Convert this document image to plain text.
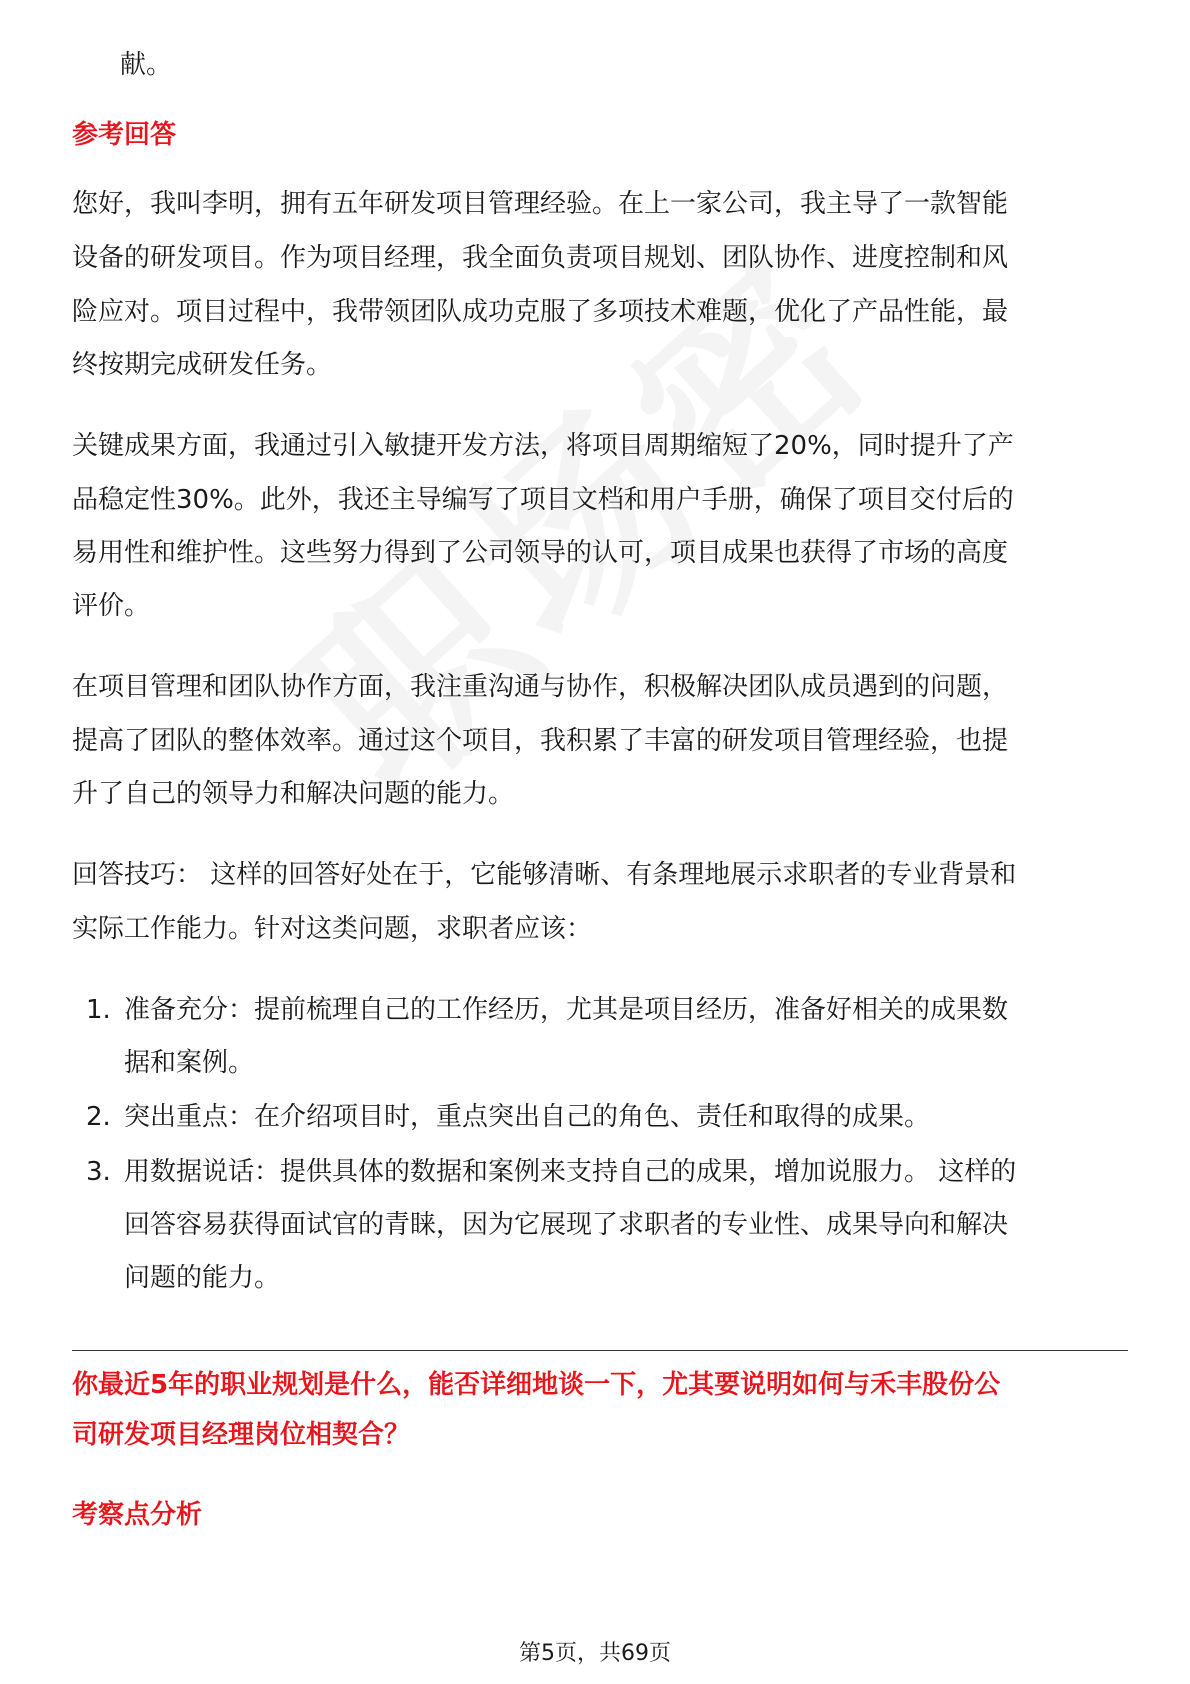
献。
参考回答
您好，我叫李明，拥有五年研发项目管理经验。在上一家公司，我主导了一款智能
设备的研发项目。作为项目经理，我全面负责项目规划、团队协作、进度控制和风
险应对。项目过程中，我带领团队成功克服了多项技术难题，优化了产品性能，最
终按期完成研发任务。
关键成果方面，我通过引入敏捷开发方法，将项目周期缩短了20%，同时提升了产
品稳定性30%。此外，我还主导编写了项目文档和用户手册，确保了项目交付后的
易用性和维护性。这些努力得到了公司领导的认可，项目成果也获得了市场的高度
评价。
在项目管理和团队协作方面，我注重沟通与协作，积极解决团队成员遇到的问题，
提高了团队的整体效率。通过这个项目，我积累了丰富的研发项目管理经验，也提
升了自己的领导力和解决问题的能力。
回答技巧： 这样的回答好处在于，它能够清晰、有条理地展示求职者的专业背景和
实际工作能力。针对这类问题，求职者应该：
1. 准备充分：提前梳理自己的工作经历，尤其是项目经历，准备好相关的成果数
据和案例。
2. 突出重点：在介绍项目时，重点突出自己的角色、责任和取得的成果。
3. 用数据说话：提供具体的数据和案例来支持自己的成果，增加说服力。 这样的
回答容易获得面试官的青睐，因为它展现了求职者的专业性、成果导向和解决
问题的能力。
你最近5年的职业规划是什么，能否详细地谈一下，尤其要说明如何与禾丰股份公
司研发项目经理岗位相契合？
考察点分析
第5页，共69页
